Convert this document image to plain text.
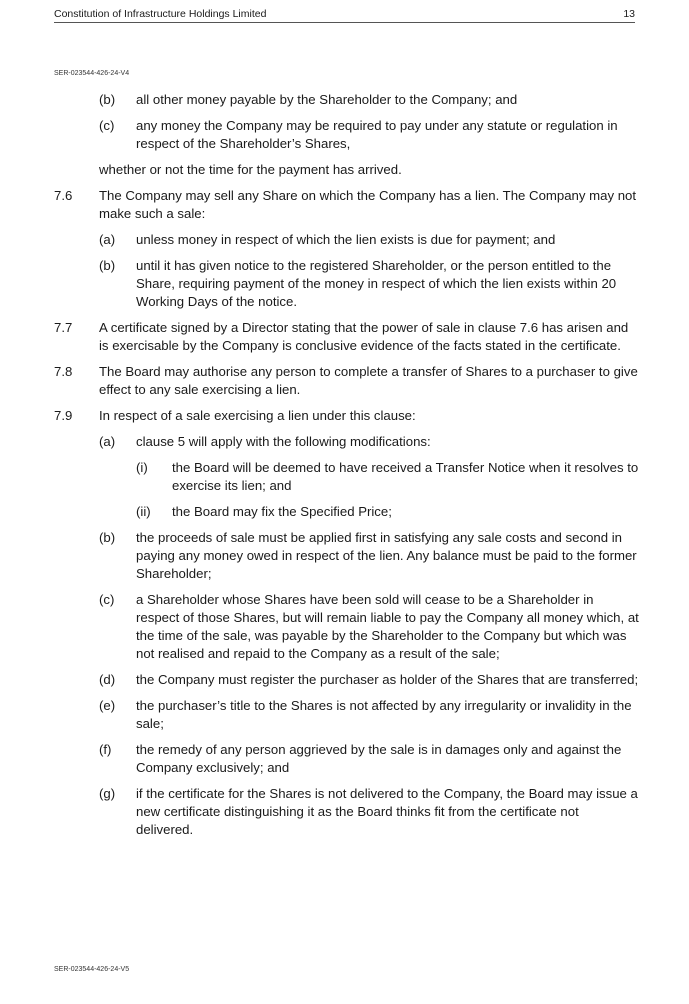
Constitution of Infrastructure Holdings Limited	13
SER-023544-426-24-V4
(b) all other money payable by the Shareholder to the Company; and
(c) any money the Company may be required to pay under any statute or regulation in respect of the Shareholder’s Shares,
whether or not the time for the payment has arrived.
7.6 The Company may sell any Share on which the Company has a lien. The Company may not make such a sale:
(a) unless money in respect of which the lien exists is due for payment; and
(b) until it has given notice to the registered Shareholder, or the person entitled to the Share, requiring payment of the money in respect of which the lien exists within 20 Working Days of the notice.
7.7 A certificate signed by a Director stating that the power of sale in clause 7.6 has arisen and is exercisable by the Company is conclusive evidence of the facts stated in the certificate.
7.8 The Board may authorise any person to complete a transfer of Shares to a purchaser to give effect to any sale exercising a lien.
7.9 In respect of a sale exercising a lien under this clause:
(a) clause 5 will apply with the following modifications:
(i) the Board will be deemed to have received a Transfer Notice when it resolves to exercise its lien; and
(ii) the Board may fix the Specified Price;
(b) the proceeds of sale must be applied first in satisfying any sale costs and second in paying any money owed in respect of the lien. Any balance must be paid to the former Shareholder;
(c) a Shareholder whose Shares have been sold will cease to be a Shareholder in respect of those Shares, but will remain liable to pay the Company all money which, at the time of the sale, was payable by the Shareholder to the Company but which was not realised and repaid to the Company as a result of the sale;
(d) the Company must register the purchaser as holder of the Shares that are transferred;
(e) the purchaser’s title to the Shares is not affected by any irregularity or invalidity in the sale;
(f) the remedy of any person aggrieved by the sale is in damages only and against the Company exclusively; and
(g) if the certificate for the Shares is not delivered to the Company, the Board may issue a new certificate distinguishing it as the Board thinks fit from the certificate not delivered.
SER-023544-426-24-V5
